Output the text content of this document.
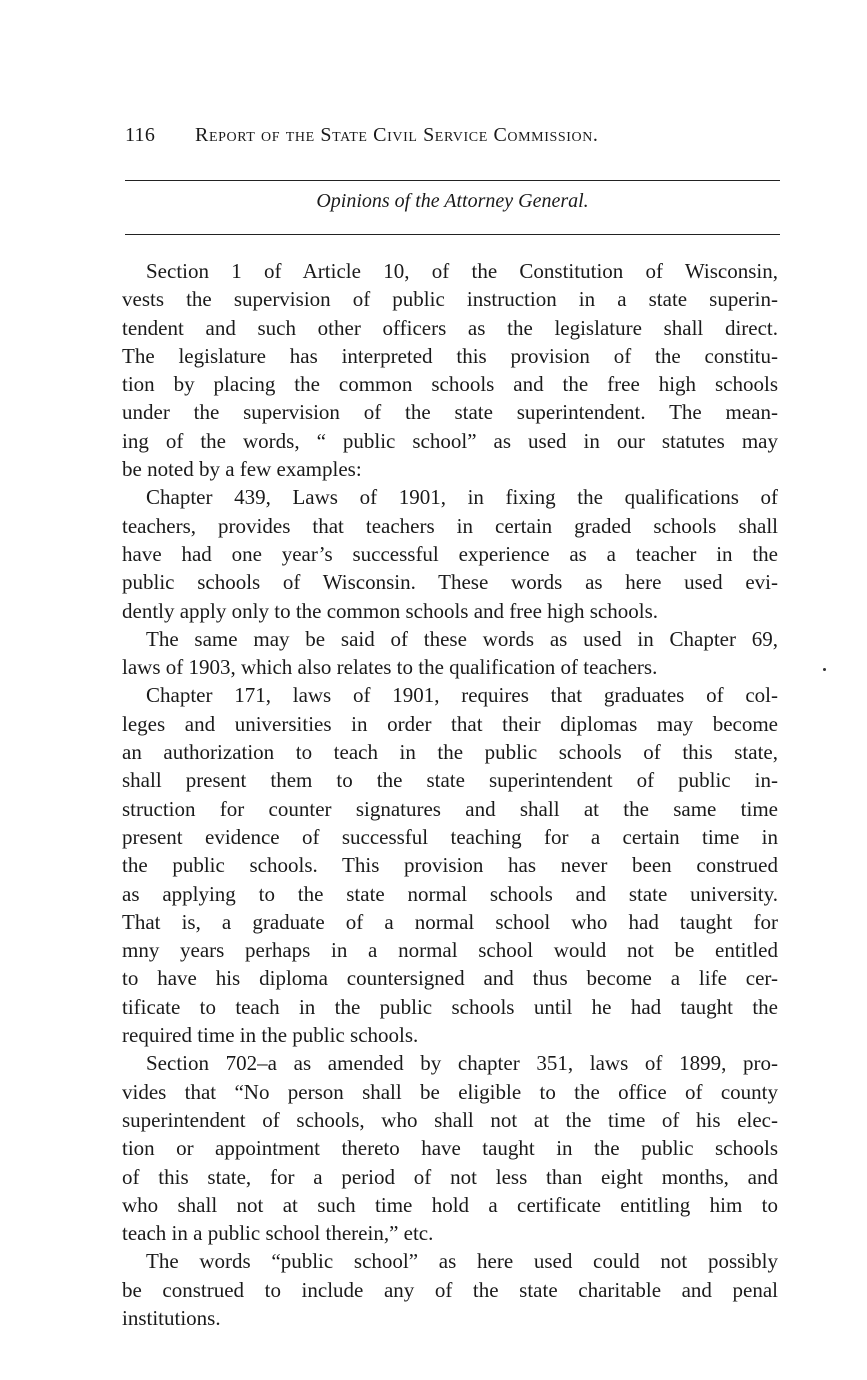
116 Report of the State Civil Service Commission.
Opinions of the Attorney General.
Section 1 of Article 10, of the Constitution of Wisconsin,
vests the supervision of public instruction in a state superin-
tendent and such other officers as the legislature shall direct.
The legislature has interpreted this provision of the constitu-
tion by placing the common schools and the free high schools
under the supervision of the state superintendent. The mean-
ing of the words, “ public school” as used in our statutes may
be noted by a few examples:
Chapter 439, Laws of 1901, in fixing the qualifications of
teachers, provides that teachers in certain graded schools shall
have had one year’s successful experience as a teacher in the
public schools of Wisconsin. These words as here used evi-
dently apply only to the common schools and free high schools.
The same may be said of these words as used in Chapter 69,
laws of 1903, which also relates to the qualification of teachers.
Chapter 171, laws of 1901, requires that graduates of col-
leges and universities in order that their diplomas may become
an authorization to teach in the public schools of this state,
shall present them to the state superintendent of public in-
struction for counter signatures and shall at the same time
present evidence of successful teaching for a certain time in
the public schools. This provision has never been construed
as applying to the state normal schools and state university.
That is, a graduate of a normal school who had taught for
mny years perhaps in a normal school would not be entitled
to have his diploma countersigned and thus become a life cer-
tificate to teach in the public schools until he had taught the
required time in the public schools.
Section 702–a as amended by chapter 351, laws of 1899, pro-
vides that “No person shall be eligible to the office of county
superintendent of schools, who shall not at the time of his elec-
tion or appointment thereto have taught in the public schools
of this state, for a period of not less than eight months, and
who shall not at such time hold a certificate entitling him to
teach in a public school therein,” etc.
The words “public school” as here used could not possibly
be construed to include any of the state charitable and penal
institutions.
